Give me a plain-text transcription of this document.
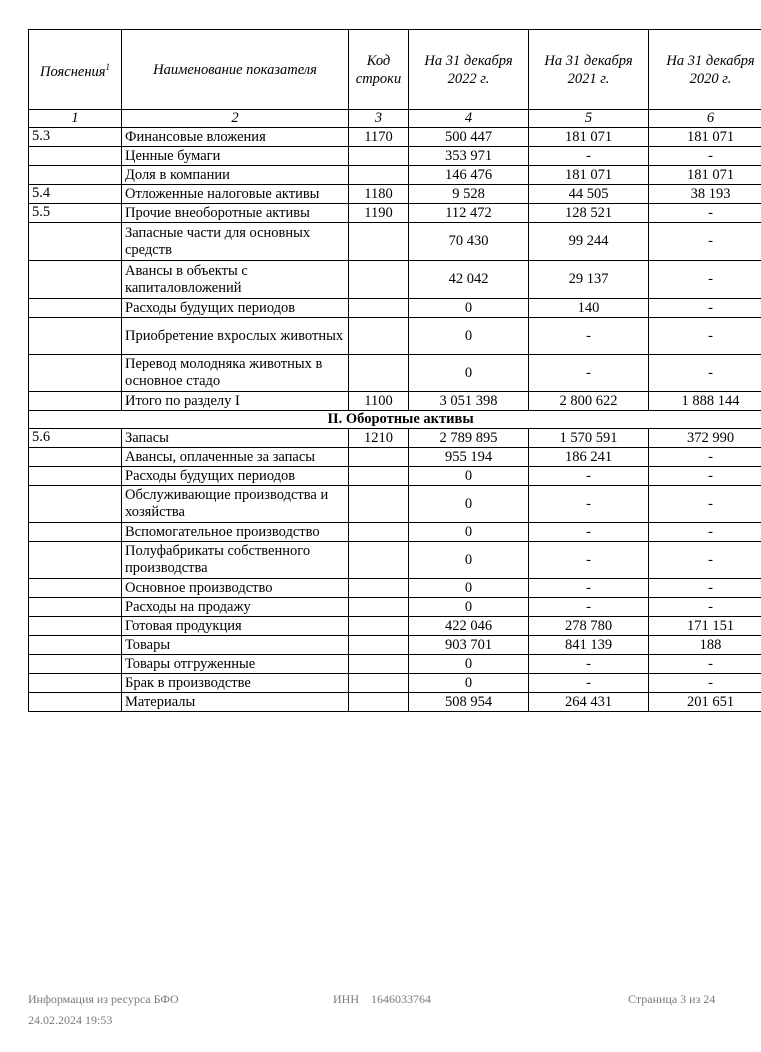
Пояснения$^1$	Наименование показателя	Код строки	На 31 декабря 2022 г.	На 31 декабря 2021 г.	На 31 декабря 2020 г.
1	2	3	4	5	6
5.3	Финансовые вложения	1170	500 447	181 071	181 071
	Ценные бумаги		353 971	-	-
	Доля в компании		146 476	181 071	181 071
5.4	Отложенные налоговые активы	1180	9 528	44 505	38 193
5.5	Прочие внеоборотные активы	1190	112 472	128 521	-
	Запасные части для основных средств		70 430	99 244	-
	Авансы в объекты с капиталовложений		42 042	29 137	-
	Расходы будущих периодов		0	140	-
	Приобретение вхрослых животных		0	-	-
	Перевод молодняка животных в основное стадо		0	-	-
	Итого по разделу I	1100	3 051 398	2 800 622	1 888 144
II. Оборотные активы					
5.6	Запасы	1210	2 789 895	1 570 591	372 990
	Авансы, оплаченные за запасы		955 194	186 241	-
	Расходы будущих периодов		0	-	-
	Обслуживающие производства и хозяйства		0	-	-
	Вспомогательное производство		0	-	-
	Полуфабрикаты собственного производства		0	-	-
	Основное производство		0	-	-
	Расходы на продажу		0	-	-
	Готовая продукция		422 046	278 780	171 151
	Товары		903 701	841 139	188
	Товары отгруженные		0	-	-
	Брак в производстве		0	-	-
	Материалы		508 954	264 431	201 651
Информация из ресурса БФО
24.02.2024 19:53
ИНН    1646033764	Страница 3 из 24
